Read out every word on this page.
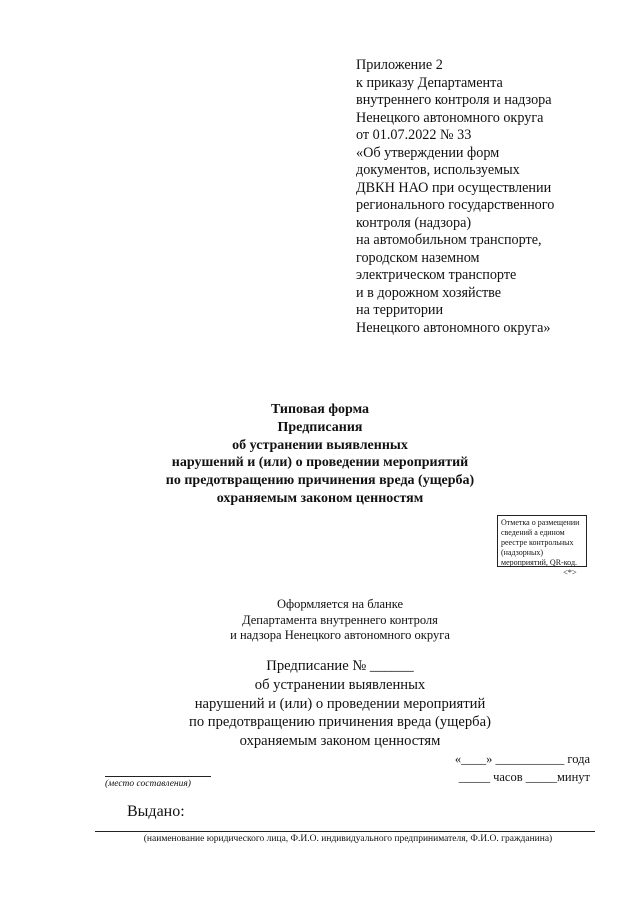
Приложение 2
к приказу Департамента
внутреннего контроля и надзора
Ненецкого автономного округа
от 01.07.2022 № 33
«Об утверждении форм
документов, используемых
ДВКН НАО при осуществлении
регионального государственного
контроля (надзора)
на автомобильном транспорте,
городском наземном
электрическом транспорте
и в дорожном хозяйстве
на территории
Ненецкого автономного округа»
Типовая форма
Предписания
об устранении выявленных
нарушений и (или) о проведении мероприятий
по предотвращению причинения вреда (ущерба)
охраняемым законом ценностям
Отметка о размещении
сведений а едином
реестре контрольных
(надзорных)
мероприятий, QR-код.
<*>
Оформляется на бланке
Департамента внутреннего контроля
и надзора Ненецкого автономного округа
Предписание № ______
об устранении выявленных
нарушений и (или) о проведении мероприятий
по предотвращению причинения вреда (ущерба)
охраняемым законом ценностям
«____» ___________ года
_____ часов _____минут
(место составления)
Выдано:
(наименование юридического лица, Ф.И.О. индивидуального предпринимателя, Ф.И.О. гражданина)
